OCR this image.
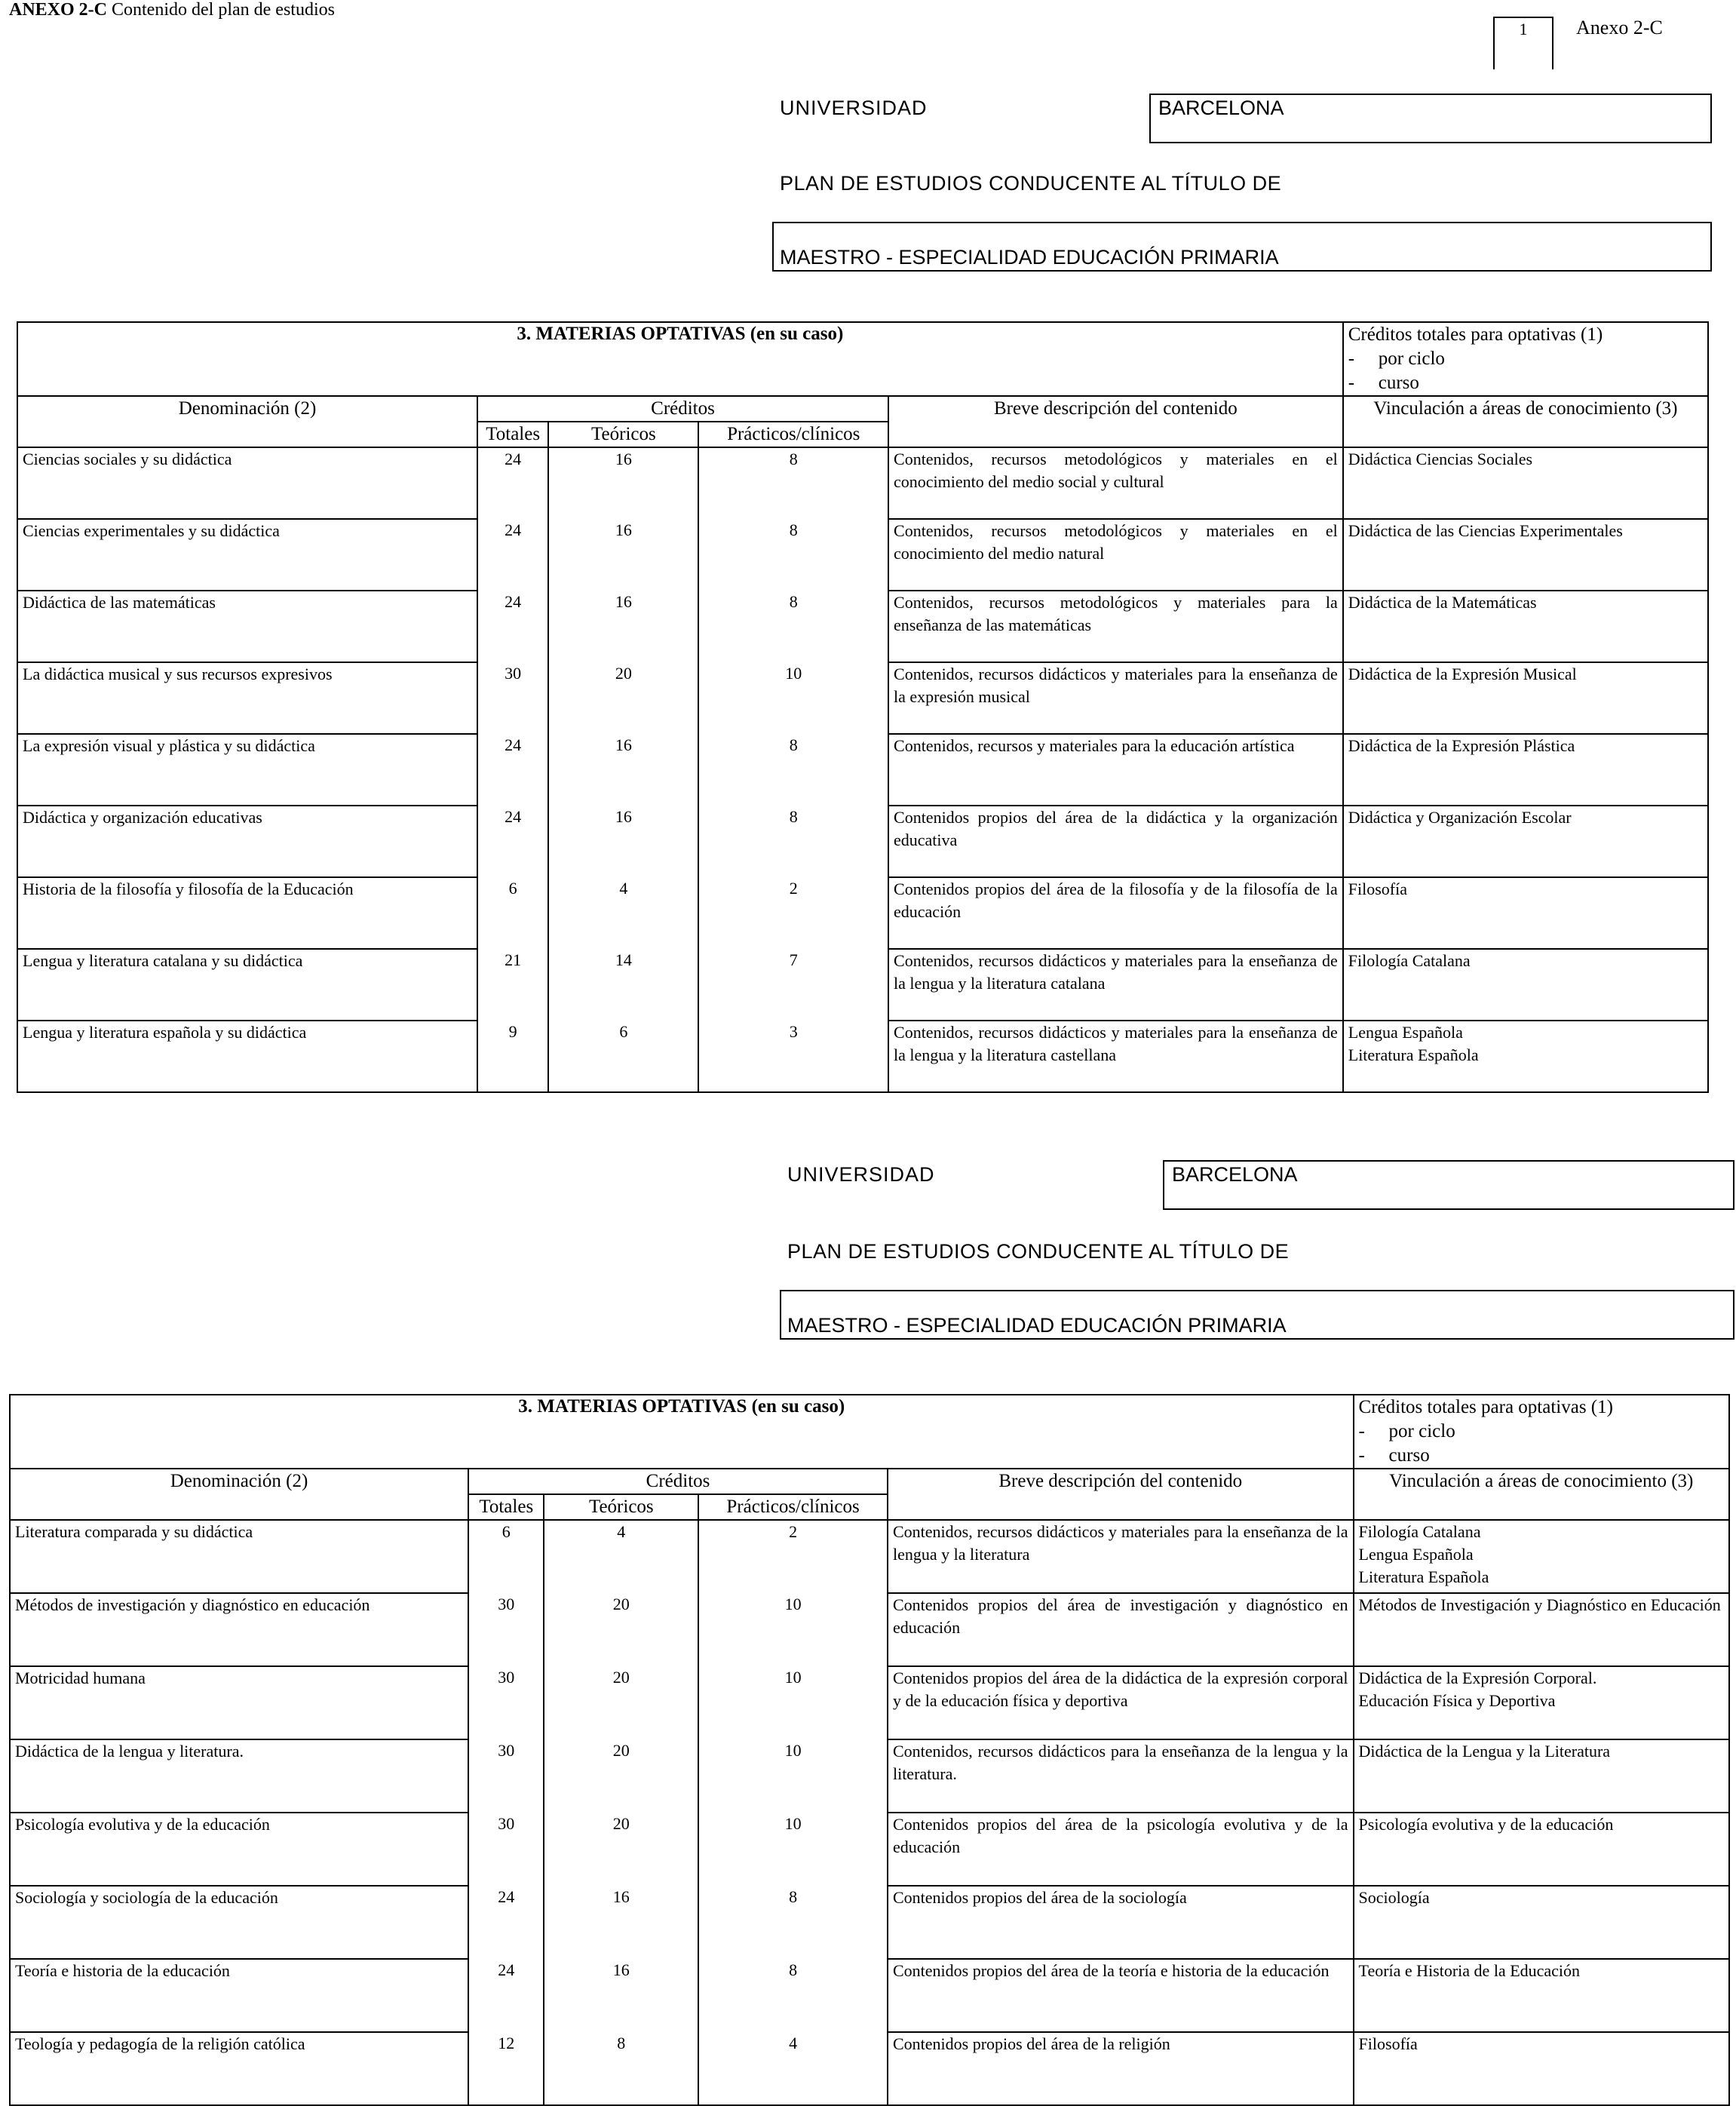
ANEXO 2-C Contenido del plan de estudios
1	Anexo 2-C
UNIVERSIDAD	BARCELONA
PLAN DE ESTUDIOS CONDUCENTE AL TÍTULO DE
MAESTRO - ESPECIALIDAD EDUCACIÓN PRIMARIA
3. MATERIAS OPTATIVAS (en su caso)					Créditos totales para optativas (1)
- por ciclo
- curso

Denominación (2)	Créditos			Breve descripción del contenido	Vinculación a áreas de conocimiento (3)
	Totales	Teóricos	Prácticos/clínicos		
Ciencias sociales y su didáctica	24	16	8	Contenidos, recursos metodológicos y materiales en el conocimiento del medio social y cultural	Didáctica Ciencias Sociales
Ciencias experimentales y su didáctica	24	16	8	Contenidos, recursos metodológicos y materiales en el conocimiento del medio natural	Didáctica de las Ciencias Experimentales
Didáctica de las matemáticas	24	16	8	Contenidos, recursos metodológicos y materiales para la enseñanza de las matemáticas	Didáctica de la Matemáticas
La didáctica musical y sus recursos expresivos	30	20	10	Contenidos, recursos didácticos y materiales para la enseñanza de la expresión musical	Didáctica de la Expresión Musical
La expresión visual y plástica y su didáctica	24	16	8	Contenidos, recursos y materiales para la educación artística	Didáctica de la Expresión Plástica
Didáctica y organización educativas	24	16	8	Contenidos propios del área de la didáctica y la organización educativa	Didáctica y Organización Escolar
Historia de la filosofía y filosofía de la Educación	6	4	2	Contenidos propios del área de la filosofía y de la filosofía de la educación	Filosofía
Lengua y literatura catalana y su didáctica	21	14	7	Contenidos, recursos didácticos y materiales para la enseñanza de la lengua y la literatura catalana	Filología Catalana
Lengua y literatura española y su didáctica	9	6	3	Contenidos, recursos didácticos y materiales para la enseñanza de la lengua y la literatura castellana	Lengua Española
Literatura Española
UNIVERSIDAD	BARCELONA
PLAN DE ESTUDIOS CONDUCENTE AL TÍTULO DE
MAESTRO - ESPECIALIDAD EDUCACIÓN PRIMARIA
3. MATERIAS OPTATIVAS (en su caso)					Créditos totales para optativas (1)
- por ciclo
- curso

Denominación (2)	Créditos			Breve descripción del contenido	Vinculación a áreas de conocimiento (3)
	Totales	Teóricos	Prácticos/clínicos		
Literatura comparada y su didáctica	6	4	2	Contenidos, recursos didácticos y materiales para la enseñanza de la lengua y la literatura	Filología Catalana
Lengua Española
Literatura Española
Métodos de investigación y diagnóstico en educación	30	20	10	Contenidos propios del área de investigación y diagnóstico en educación	Métodos de Investigación y Diagnóstico en Educación
Motricidad humana	30	20	10	Contenidos propios del área de la didáctica de la expresión corporal y de la educación física y deportiva	Didáctica de la Expresión Corporal.
Educación Física y Deportiva
Didáctica de la lengua y literatura.	30	20	10	Contenidos, recursos didácticos para la enseñanza de la lengua y la literatura.	Didáctica de la Lengua y la Literatura
Psicología evolutiva y de la educación	30	20	10	Contenidos propios del área de la psicología evolutiva y de la educación	Psicología evolutiva y de la educación
Sociología y sociología de la educación	24	16	8	Contenidos propios del área de la sociología	Sociología
Teoría e historia de la educación	24	16	8	Contenidos propios del área de la teoría e historia de la educación	Teoría e Historia de la Educación
Teología y pedagogía de la religión católica	12	8	4	Contenidos propios del área de la religión	Filosofía
